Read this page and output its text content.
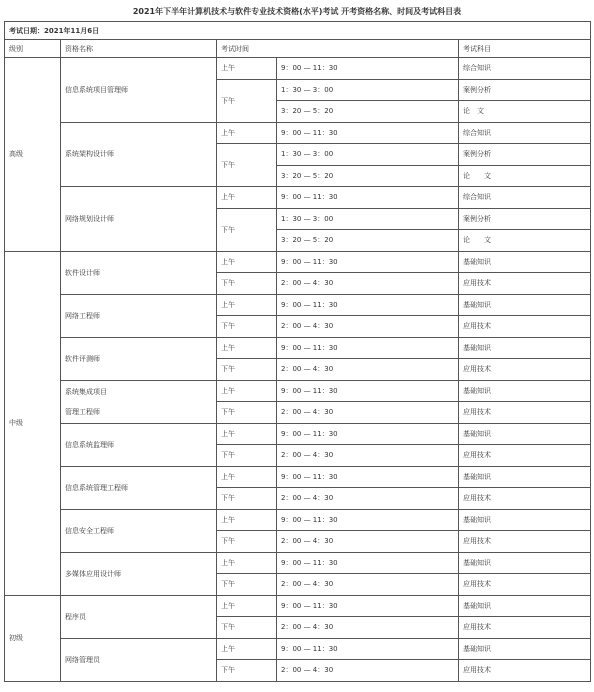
2021年下半年计算机技术与软件专业技术资格(水平)考试 开考资格名称、时间及考试科目表
考试日期：2021年11月6日				
级别	资格名称	考试时间		考试科目
高级	信息系统项目管理师	上午	9：00 — 11：30	综合知识
		下午	1：30 — 3：00	案例分析
			3：20 — 5：20	论　文

	系统架构设计师	上午	9：00 — 11：30	综合知识
		下午	1：30 — 3：00	案例分析
			3：20 — 5：20	论　　文

	网络规划设计师	上午	9：00 — 11：30	综合知识
		下午	1：30 — 3：00	案例分析
			3：20 — 5：20	论　　文
中级	软件设计师	上午	9：00 — 11：30	基础知识
		下午	2：00 — 4：30	应用技术

	网络工程师	上午	9：00 — 11：30	基础知识
		下午	2：00 — 4：30	应用技术

	软件评测师	上午	9：00 — 11：30	基础知识
		下午	2：00 — 4：30	应用技术

	系统集成项目
管理工程师	上午	9：00 — 11：30	基础知识
		下午	2：00 — 4：30	应用技术

	信息系统监理师	上午	9：00 — 11：30	基础知识
		下午	2：00 — 4：30	应用技术

	信息系统管理工程师	上午	9：00 — 11：30	基础知识
		下午	2：00 — 4：30	应用技术

	信息安全工程师	上午	9：00 — 11：30	基础知识
		下午	2：00 — 4：30	应用技术

	多媒体应用设计师	上午	9：00 — 11：30	基础知识
		下午	2：00 — 4：30	应用技术
初级	程序员	上午	9：00 — 11：30	基础知识
		下午	2：00 — 4：30	应用技术

	网络管理员	上午	9：00 — 11：30	基础知识
		下午	2：00 — 4：30	应用技术
